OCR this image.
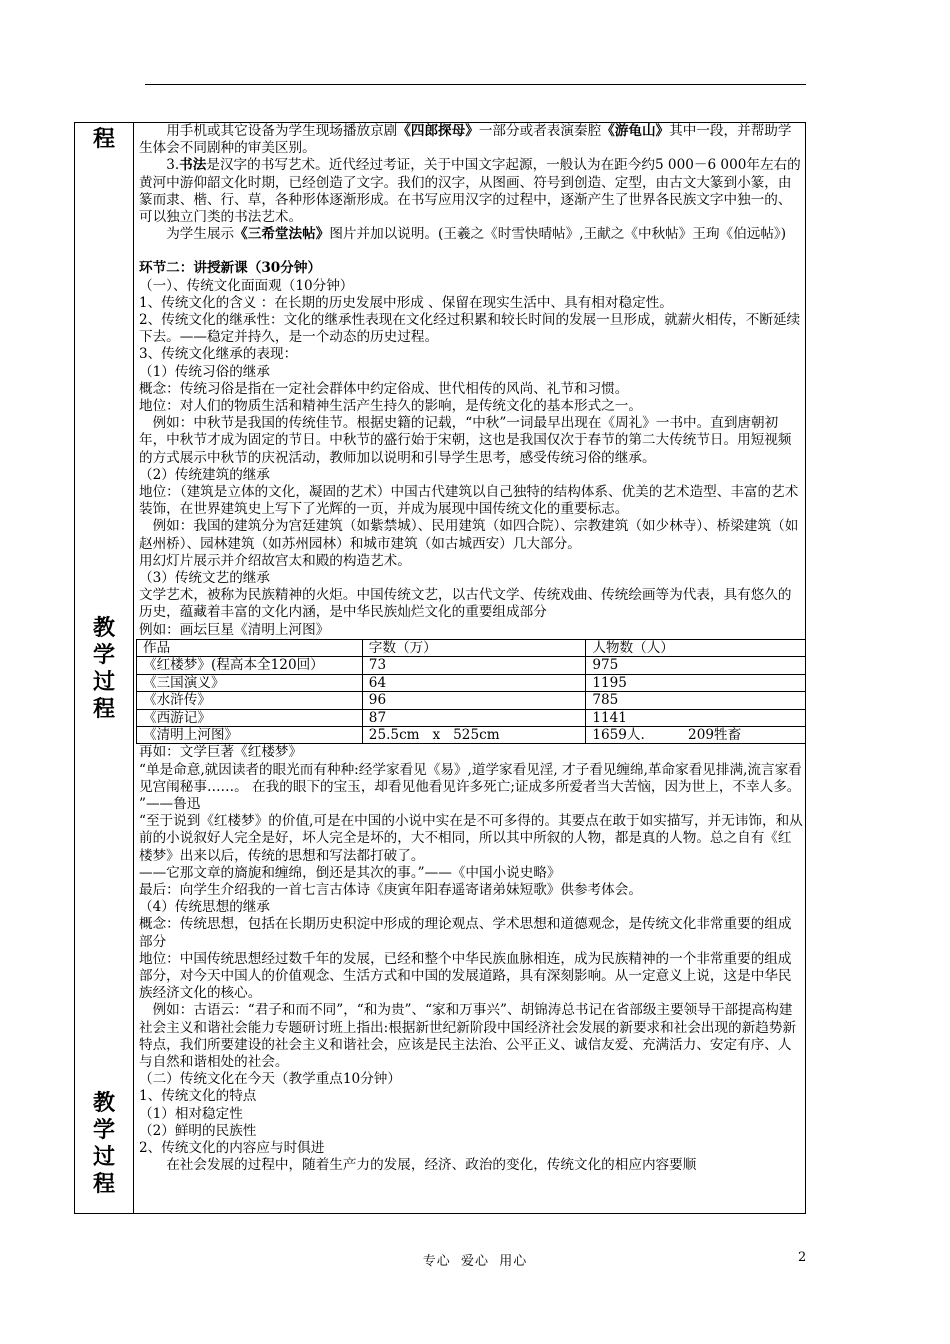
程
教
学
过
程
教
学
过
程

用手机或其它设备为学生现场播放京剧《四郎探母》一部分或者表演秦腔《游龟山》其中一段，并帮助学生体会不同剧种的审美区别。

3.书法是汉字的书写艺术。近代经过考证，关于中国文字起源，一般认为在距今约5 000－6 000年左右的黄河中游仰韶文化时期，已经创造了文字。我们的汉字，从图画、符号到创造、定型，由古文大篆到小篆，由篆而隶、楷、行、草，各种形体逐渐形成。在书写应用汉字的过程中，逐渐产生了世界各民族文字中独一的、可以独立门类的书法艺术。

为学生展示《三希堂法帖》图片并加以说明。(王羲之《时雪快晴帖》,王献之《中秋帖》王珣《伯远帖》)

环节二：讲授新课（30分钟）

（一）、传统文化面面观（10分钟）

1、传统文化的含义 ：在长期的历史发展中形成 、保留在现实生活中、具有相对稳定性。

2、传统文化的继承性：文化的继承性表现在文化经过积累和较长时间的发展一旦形成，就薪火相传，不断延续下去。——稳定并持久，是一个动态的历史过程。

3、传统文化继承的表现：

（1）传统习俗的继承

概念：传统习俗是指在一定社会群体中约定俗成、世代相传的风尚、礼节和习惯。

地位：对人们的物质生活和精神生活产生持久的影响，是传统文化的基本形式之一。

例如：中秋节是我国的传统佳节。根据史籍的记载，“中秋”一词最早出现在《周礼》一书中。直到唐朝初年，中秋节才成为固定的节日。中秋节的盛行始于宋朝，这也是我国仅次于春节的第二大传统节日。用短视频的方式展示中秋节的庆祝活动，教师加以说明和引导学生思考，感受传统习俗的继承。

（2）传统建筑的继承

地位：（建筑是立体的文化，凝固的艺术）中国古代建筑以自己独特的结构体系、优美的艺术造型、丰富的艺术装饰，在世界建筑史上写下了光辉的一页，并成为展现中国传统文化的重要标志。

例如：我国的建筑分为宫廷建筑（如紫禁城）、民用建筑（如四合院）、宗教建筑（如少林寺）、桥梁建筑（如赵州桥）、园林建筑（如苏州园林）和城市建筑（如古城西安）几大部分。

用幻灯片展示并介绍故宫太和殿的构造艺术。

（3）传统文艺的继承

文学艺术，被称为民族精神的火炬。中国传统文艺，以古代文学、传统戏曲、传统绘画等为代表，具有悠久的历史，蕴藏着丰富的文化内涵，是中华民族灿烂文化的重要组成部分

例如：画坛巨星《清明上河图》

作品	字数（万）	人物数（人）
《红楼梦》(程高本全120回）	73	975
《三国演义》	64	1195
《水浒传》	96	785
《西游记》	87	1141
《清明上河图》	25.5cm   x   525cm	1659人.          209牲畜

再如：文学巨著《红楼梦》

“单是命意,就因读者的眼光而有种种:经学家看见《易》,道学家看见淫, 才子看见缠绵,革命家看见排满,流言家看见宫闱秘事……。 在我的眼下的宝玉，却看见他看见许多死亡;证成多所爱者当大苦恼，因为世上，不幸人多。 ”——鲁迅

“至于说到《红楼梦》的价值,可是在中国的小说中实在是不可多得的。其要点在敢于如实描写，并无讳饰，和从前的小说叙好人完全是好，坏人完全是坏的，大不相同，所以其中所叙的人物，都是真的人物。总之自有《红楼梦》出来以后，传统的思想和写法都打破了。

——它那文章的旖旎和缠绵，倒还是其次的事。”——《中国小说史略》

最后：向学生介绍我的一首七言古体诗《庚寅年阳春遥寄诸弟妹短歌》供参考体会。

（4）传统思想的继承

概念：传统思想，包括在长期历史积淀中形成的理论观点、学术思想和道德观念，是传统文化非常重要的组成部分

地位：中国传统思想经过数千年的发展，已经和整个中华民族血脉相连，成为民族精神的一个非常重要的组成部分，对今天中国人的价值观念、生活方式和中国的发展道路，具有深刻影响。从一定意义上说，这是中华民族经济文化的核心。

例如：古语云：“君子和而不同”，“和为贵”、“家和万事兴”、胡锦涛总书记在省部级主要领导干部提高构建社会主义和谐社会能力专题研讨班上指出:根据新世纪新阶段中国经济社会发展的新要求和社会出现的新趋势新特点，我们所要建设的社会主义和谐社会，应该是民主法治、公平正义、诚信友爱、充满活力、安定有序、人与自然和谐相处的社会。

（二）传统文化在今天（教学重点10分钟）

1、传统文化的特点

（1）相对稳定性

（2）鲜明的民族性

2、传统文化的内容应与时俱进

在社会发展的过程中，随着生产力的发展，经济、政治的变化，传统文化的相应内容要顺

专心  爱心  用心	2
